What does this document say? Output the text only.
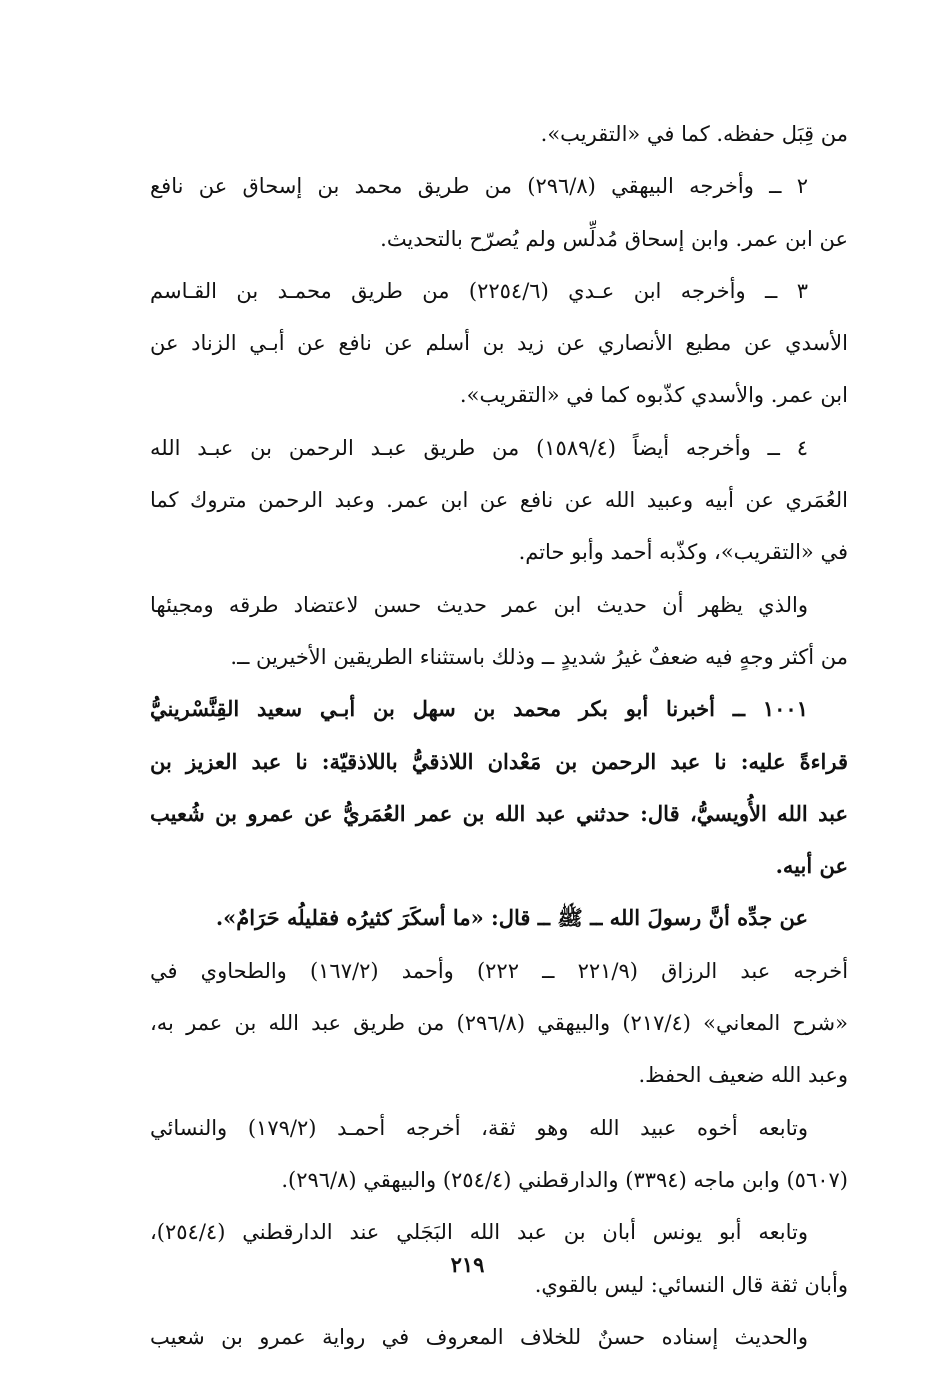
من قِبَل حفظه. كما في «التقريب».
٢ ــ وأخرجه البيهقي (٢٩٦/٨) من طريق محمد بن إسحاق عن نافع
عن ابن عمر. وابن إسحاق مُدلِّس ولم يُصرّح بالتحديث.
٣ ــ وأخرجه ابن عـدي (٢٢٥٤/٦) من طريق محمـد بن القـاسم
الأسدي عن مطيع الأنصاري عن زيد بن أسلم عن نافع عن أبـي الزناد عن
ابن عمر. والأسدي كذّبوه كما في «التقريب».
٤ ــ وأخرجه أيضاً (١٥٨٩/٤) من طريق عبـد الرحمن بن عبـد الله
العُمَري عن أبيه وعبيد الله عن نافع عن ابن عمر. وعبد الرحمن متروك كما
في «التقريب»، وكذّبه أحمد وأبو حاتم.
والذي يظهر أن حديث ابن عمر حديث حسن لاعتضاد طرقه ومجيئها
من أكثر وجهٍ فيه ضعفٌ غيرُ شديدٍ ــ وذلك باستثناء الطريقين الأخيرين ــ.
١٠٠١ ــ أخبرنا أبو بكر محمد بن سهل بن أبـي سعيد القِنَّسْرينيُّ
قراءةً عليه: نا عبد الرحمن بن مَعْدان اللاذقيُّ باللاذقيّة: نا عبد العزيز بن
عبد الله الأُويسيُّ، قال: حدثني عبد الله بن عمر العُمَريُّ عن عمرو بن شُعيب
عن أبيه.
عن جدِّه أنَّ رسولَ الله ــ ﷺ ــ قال: «ما أسكَرَ كثيرُه فقليلُه حَرَامٌ».
أخرجه عبد الرزاق (٢٢١/٩ ــ ٢٢٢) وأحمد (١٦٧/٢) والطحاوي في
«شرح المعاني» (٢١٧/٤) والبيهقي (٢٩٦/٨) من طريق عبد الله بن عمر به،
وعبد الله ضعيف الحفظ.
وتابعه أخوه عبيد الله وهو ثقة، أخرجه أحمـد (١٧٩/٢) والنسائي
(٥٦٠٧) وابن ماجه (٣٣٩٤) والدارقطني (٢٥٤/٤) والبيهقي (٢٩٦/٨).
وتابعه أبو يونس أبان بن عبد الله البَجَلي عند الدارقطني (٢٥٤/٤)،
وأبان ثقة قال النسائي: ليس بالقوي.
والحديث إسناده حسنٌ للخلاف المعروف في رواية عمرو بن شعيب
٢١٩
